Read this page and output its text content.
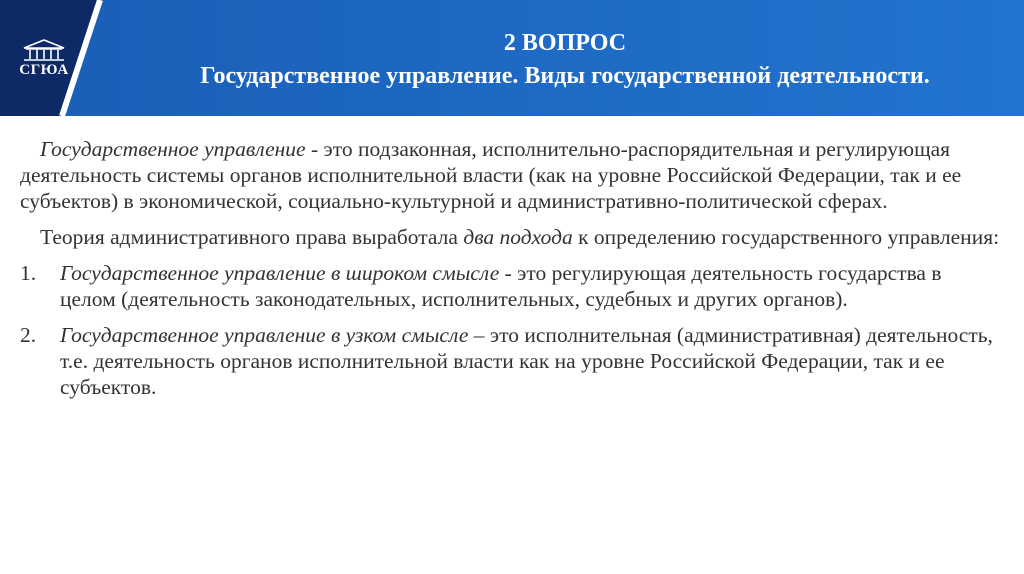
СГЮА
2 ВОПРОС
Государственное управление. Виды государственной деятельности.

Государственное управление - это подзаконная, исполнительно-распорядительная и регулирующая деятельность системы органов исполнительной власти (как на уровне Российской Федерации, так и ее субъектов) в экономической, социально-культурной и административно-политической сферах.

Теория административного права выработала два подхода к определению государственного управления:

1. Государственное управление в широком смысле - это регулирующая деятельность государства в целом (деятельность законодательных, исполнительных, судебных и других органов).
2. Государственное управление в узком смысле – это исполнительная (административная) деятельность, т.е. деятельность органов исполнительной власти как на уровне Российской Федерации, так и ее субъектов.
